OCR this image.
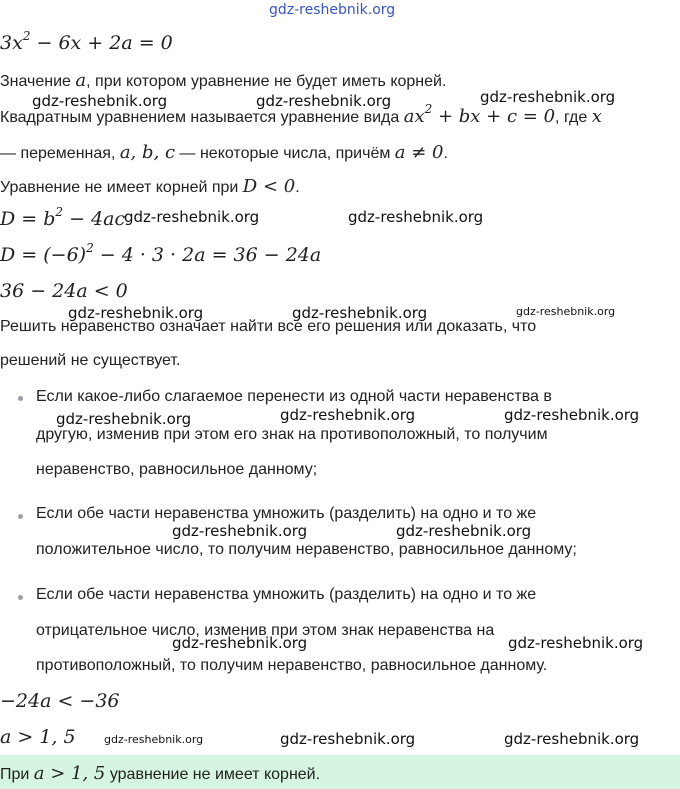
gdz-reshebnik.org
$3x^2 - 6x + 2a = 0$
Значение a, при котором уравнение не будет иметь корней.
gdz-reshebnik.org	gdz-reshebnik.org	gdz-reshebnik.org
Квадратным уравнением называется уравнение вида $ax^2$ + bx + c = 0, где x
— переменная, a, b, c — некоторые числа, причём a ≠ 0.
Уравнение не имеет корней при D < 0.
$D = b^2 - 4ac$
gdz-reshebnik.org	gdz-reshebnik.org
$D = (-6)^2 - 4 \cdot 3 \cdot 2a = 36 - 24a$
36 − 24a < 0
gdz-reshebnik.org	gdz-reshebnik.org	gdz-reshebnik.org
Решить неравенство означает найти все его решения или доказать, что
решений не существует.
Если какое-либо слагаемое перенести из одной части неравенства в
gdz-reshebnik.org	gdz-reshebnik.org	gdz-reshebnik.org
другую, изменив при этом его знак на противоположный, то получим
неравенство, равносильное данному;
Если обе части неравенства умножить (разделить) на одно и то же
gdz-reshebnik.org	gdz-reshebnik.org
положительное число, то получим неравенство, равносильное данному;
Если обе части неравенства умножить (разделить) на одно и то же
отрицательное число, изменив при этом знак неравенства на
gdz-reshebnik.org	gdz-reshebnik.org
противоположный, то получим неравенство, равносильное данному.
−24a < −36
a > 1, 5	gdz-reshebnik.org	gdz-reshebnik.org	gdz-reshebnik.org
При a > 1, 5 уравнение не имеет корней.
